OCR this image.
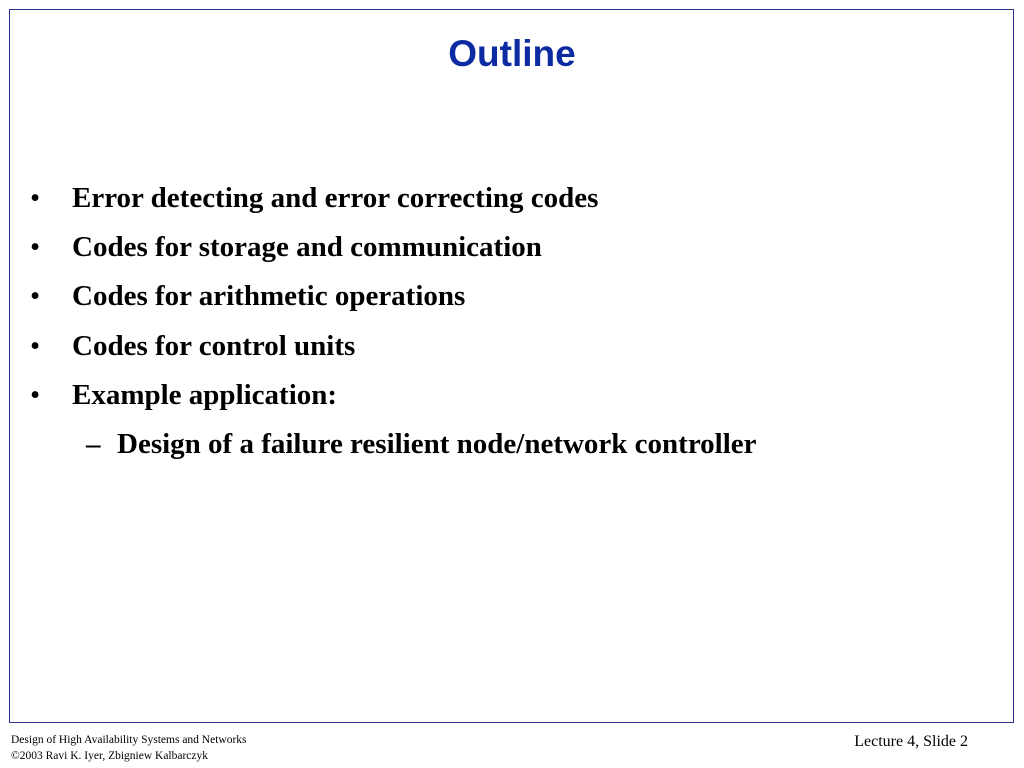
Outline
• Error detecting and error correcting codes
• Codes for storage and communication
• Codes for arithmetic operations
• Codes for control units
• Example application:
– Design of a failure resilient node/network controller
Design of High Availability Systems and Networks
©2003 Ravi K. Iyer, Zbigniew Kalbarczyk
Lecture 4, Slide 2
